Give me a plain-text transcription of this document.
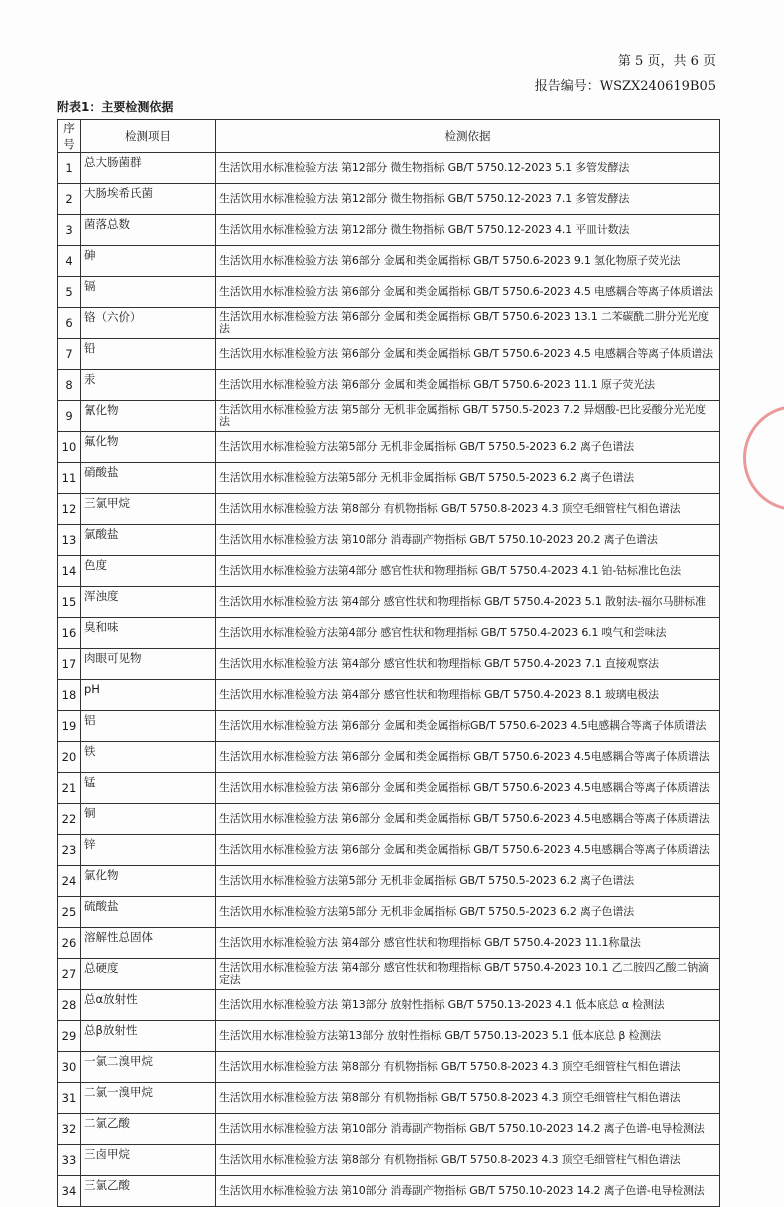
第 5 页，共 6 页
报告编号：WSZX240619B05
附表1：主要检测依据
序号	检测项目	检测依据
1	总大肠菌群	生活饮用水标准检验方法 第12部分 微生物指标 GB/T 5750.12-2023 5.1 多管发酵法
2	大肠埃希氏菌	生活饮用水标准检验方法 第12部分 微生物指标 GB/T 5750.12-2023 7.1 多管发酵法
3	菌落总数	生活饮用水标准检验方法 第12部分 微生物指标 GB/T 5750.12-2023 4.1 平皿计数法
4	砷	生活饮用水标准检验方法 第6部分 金属和类金属指标 GB/T 5750.6-2023 9.1 氢化物原子荧光法
5	镉	生活饮用水标准检验方法 第6部分 金属和类金属指标 GB/T 5750.6-2023 4.5 电感耦合等离子体质谱法
6	铬（六价）	生活饮用水标准检验方法 第6部分 金属和类金属指标 GB/T 5750.6-2023 13.1 二苯碳酰二肼分光光度法
7	铅	生活饮用水标准检验方法 第6部分 金属和类金属指标 GB/T 5750.6-2023 4.5 电感耦合等离子体质谱法
8	汞	生活饮用水标准检验方法 第6部分 金属和类金属指标 GB/T 5750.6-2023 11.1 原子荧光法
9	氰化物	生活饮用水标准检验方法 第5部分 无机非金属指标 GB/T 5750.5-2023 7.2 异烟酸-巴比妥酸分光光度法
10	氟化物	生活饮用水标准检验方法第5部分 无机非金属指标 GB/T 5750.5-2023 6.2 离子色谱法
11	硝酸盐	生活饮用水标准检验方法第5部分 无机非金属指标 GB/T 5750.5-2023 6.2 离子色谱法
12	三氯甲烷	生活饮用水标准检验方法 第8部分 有机物指标 GB/T 5750.8-2023 4.3 顶空毛细管柱气相色谱法
13	氯酸盐	生活饮用水标准检验方法 第10部分 消毒副产物指标 GB/T 5750.10-2023 20.2 离子色谱法
14	色度	生活饮用水标准检验方法第4部分 感官性状和物理指标 GB/T 5750.4-2023 4.1 铂-钴标准比色法
15	浑浊度	生活饮用水标准检验方法 第4部分 感官性状和物理指标 GB/T 5750.4-2023 5.1 散射法-福尔马肼标准
16	臭和味	生活饮用水标准检验方法第4部分 感官性状和物理指标 GB/T 5750.4-2023 6.1 嗅气和尝味法
17	肉眼可见物	生活饮用水标准检验方法 第4部分 感官性状和物理指标 GB/T 5750.4-2023 7.1 直接观察法
18	pH	生活饮用水标准检验方法 第4部分 感官性状和物理指标 GB/T 5750.4-2023 8.1 玻璃电极法
19	铝	生活饮用水标准检验方法 第6部分 金属和类金属指标GB/T 5750.6-2023 4.5电感耦合等离子体质谱法
20	铁	生活饮用水标准检验方法 第6部分 金属和类金属指标 GB/T 5750.6-2023 4.5电感耦合等离子体质谱法
21	锰	生活饮用水标准检验方法 第6部分 金属和类金属指标 GB/T 5750.6-2023 4.5电感耦合等离子体质谱法
22	铜	生活饮用水标准检验方法 第6部分 金属和类金属指标 GB/T 5750.6-2023 4.5电感耦合等离子体质谱法
23	锌	生活饮用水标准检验方法 第6部分 金属和类金属指标 GB/T 5750.6-2023 4.5电感耦合等离子体质谱法
24	氯化物	生活饮用水标准检验方法第5部分 无机非金属指标 GB/T 5750.5-2023 6.2 离子色谱法
25	硫酸盐	生活饮用水标准检验方法第5部分 无机非金属指标 GB/T 5750.5-2023 6.2 离子色谱法
26	溶解性总固体	生活饮用水标准检验方法 第4部分 感官性状和物理指标 GB/T 5750.4-2023 11.1称量法
27	总硬度	生活饮用水标准检验方法 第4部分 感官性状和物理指标 GB/T 5750.4-2023 10.1 乙二胺四乙酸二钠滴定法
28	总α放射性	生活饮用水标准检验方法 第13部分 放射性指标 GB/T 5750.13-2023 4.1 低本底总 α 检测法
29	总β放射性	生活饮用水标准检验方法第13部分 放射性指标 GB/T 5750.13-2023 5.1 低本底总 β 检测法
30	一氯二溴甲烷	生活饮用水标准检验方法 第8部分 有机物指标 GB/T 5750.8-2023 4.3 顶空毛细管柱气相色谱法
31	二氯一溴甲烷	生活饮用水标准检验方法 第8部分 有机物指标 GB/T 5750.8-2023 4.3 顶空毛细管柱气相色谱法
32	二氯乙酸	生活饮用水标准检验方法 第10部分 消毒副产物指标 GB/T 5750.10-2023 14.2 离子色谱-电导检测法
33	三卤甲烷	生活饮用水标准检验方法 第8部分 有机物指标 GB/T 5750.8-2023 4.3 顶空毛细管柱气相色谱法
34	三氯乙酸	生活饮用水标准检验方法 第10部分 消毒副产物指标 GB/T 5750.10-2023 14.2 离子色谱-电导检测法
